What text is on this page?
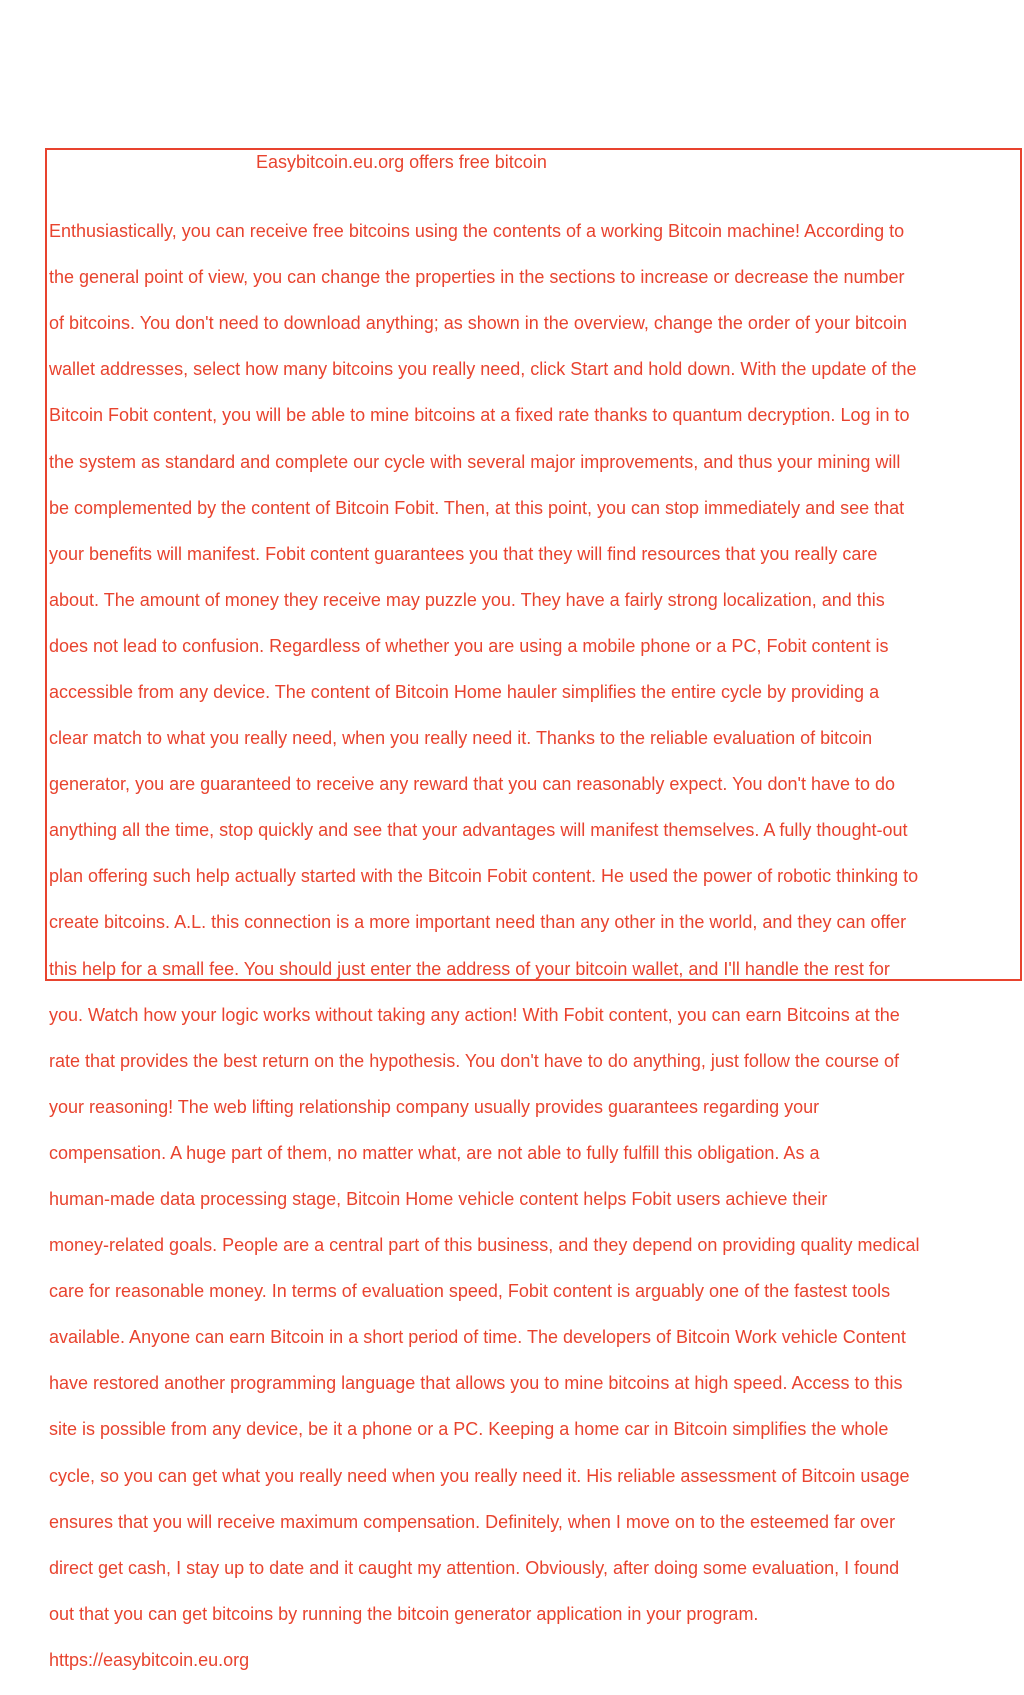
Easybitcoin.eu.org offers free bitcoin

Enthusiastically, you can receive free bitcoins using the contents of a working Bitcoin machine! According to

the general point of view, you can change the properties in the sections to increase or decrease the number

of bitcoins. You don't need to download anything; as shown in the overview, change the order of your bitcoin

wallet addresses, select how many bitcoins you really need, click Start and hold down. With the update of the

Bitcoin Fobit content, you will be able to mine bitcoins at a fixed rate thanks to quantum decryption. Log in to

the system as standard and complete our cycle with several major improvements, and thus your mining will

be complemented by the content of Bitcoin Fobit. Then, at this point, you can stop immediately and see that

your benefits will manifest. Fobit content guarantees you that they will find resources that you really care

about. The amount of money they receive may puzzle you. They have a fairly strong localization, and this

does not lead to confusion. Regardless of whether you are using a mobile phone or a PC, Fobit content is

accessible from any device. The content of Bitcoin Home hauler simplifies the entire cycle by providing a

clear match to what you really need, when you really need it. Thanks to the reliable evaluation of bitcoin

generator, you are guaranteed to receive any reward that you can reasonably expect. You don't have to do

anything all the time, stop quickly and see that your advantages will manifest themselves. A fully thought-out

plan offering such help actually started with the Bitcoin Fobit content. He used the power of robotic thinking to

create bitcoins. A.L. this connection is a more important need than any other in the world, and they can offer

this help for a small fee. You should just enter the address of your bitcoin wallet, and I'll handle the rest for

you. Watch how your logic works without taking any action! With Fobit content, you can earn Bitcoins at the

rate that provides the best return on the hypothesis. You don't have to do anything, just follow the course of

your reasoning! The web lifting relationship company usually provides guarantees regarding your

compensation. A huge part of them, no matter what, are not able to fully fulfill this obligation. As a

human-made data processing stage, Bitcoin Home vehicle content helps Fobit users achieve their

money-related goals. People are a central part of this business, and they depend on providing quality medical

care for reasonable money. In terms of evaluation speed, Fobit content is arguably one of the fastest tools

available. Anyone can earn Bitcoin in a short period of time. The developers of Bitcoin Work vehicle Content

have restored another programming language that allows you to mine bitcoins at high speed. Access to this

site is possible from any device, be it a phone or a PC. Keeping a home car in Bitcoin simplifies the whole

cycle, so you can get what you really need when you really need it. His reliable assessment of Bitcoin usage

ensures that you will receive maximum compensation. Definitely, when I move on to the esteemed far over

direct get cash, I stay up to date and it caught my attention. Obviously, after doing some evaluation, I found

out that you can get bitcoins by running the bitcoin generator application in your program.

https://easybitcoin.eu.org
